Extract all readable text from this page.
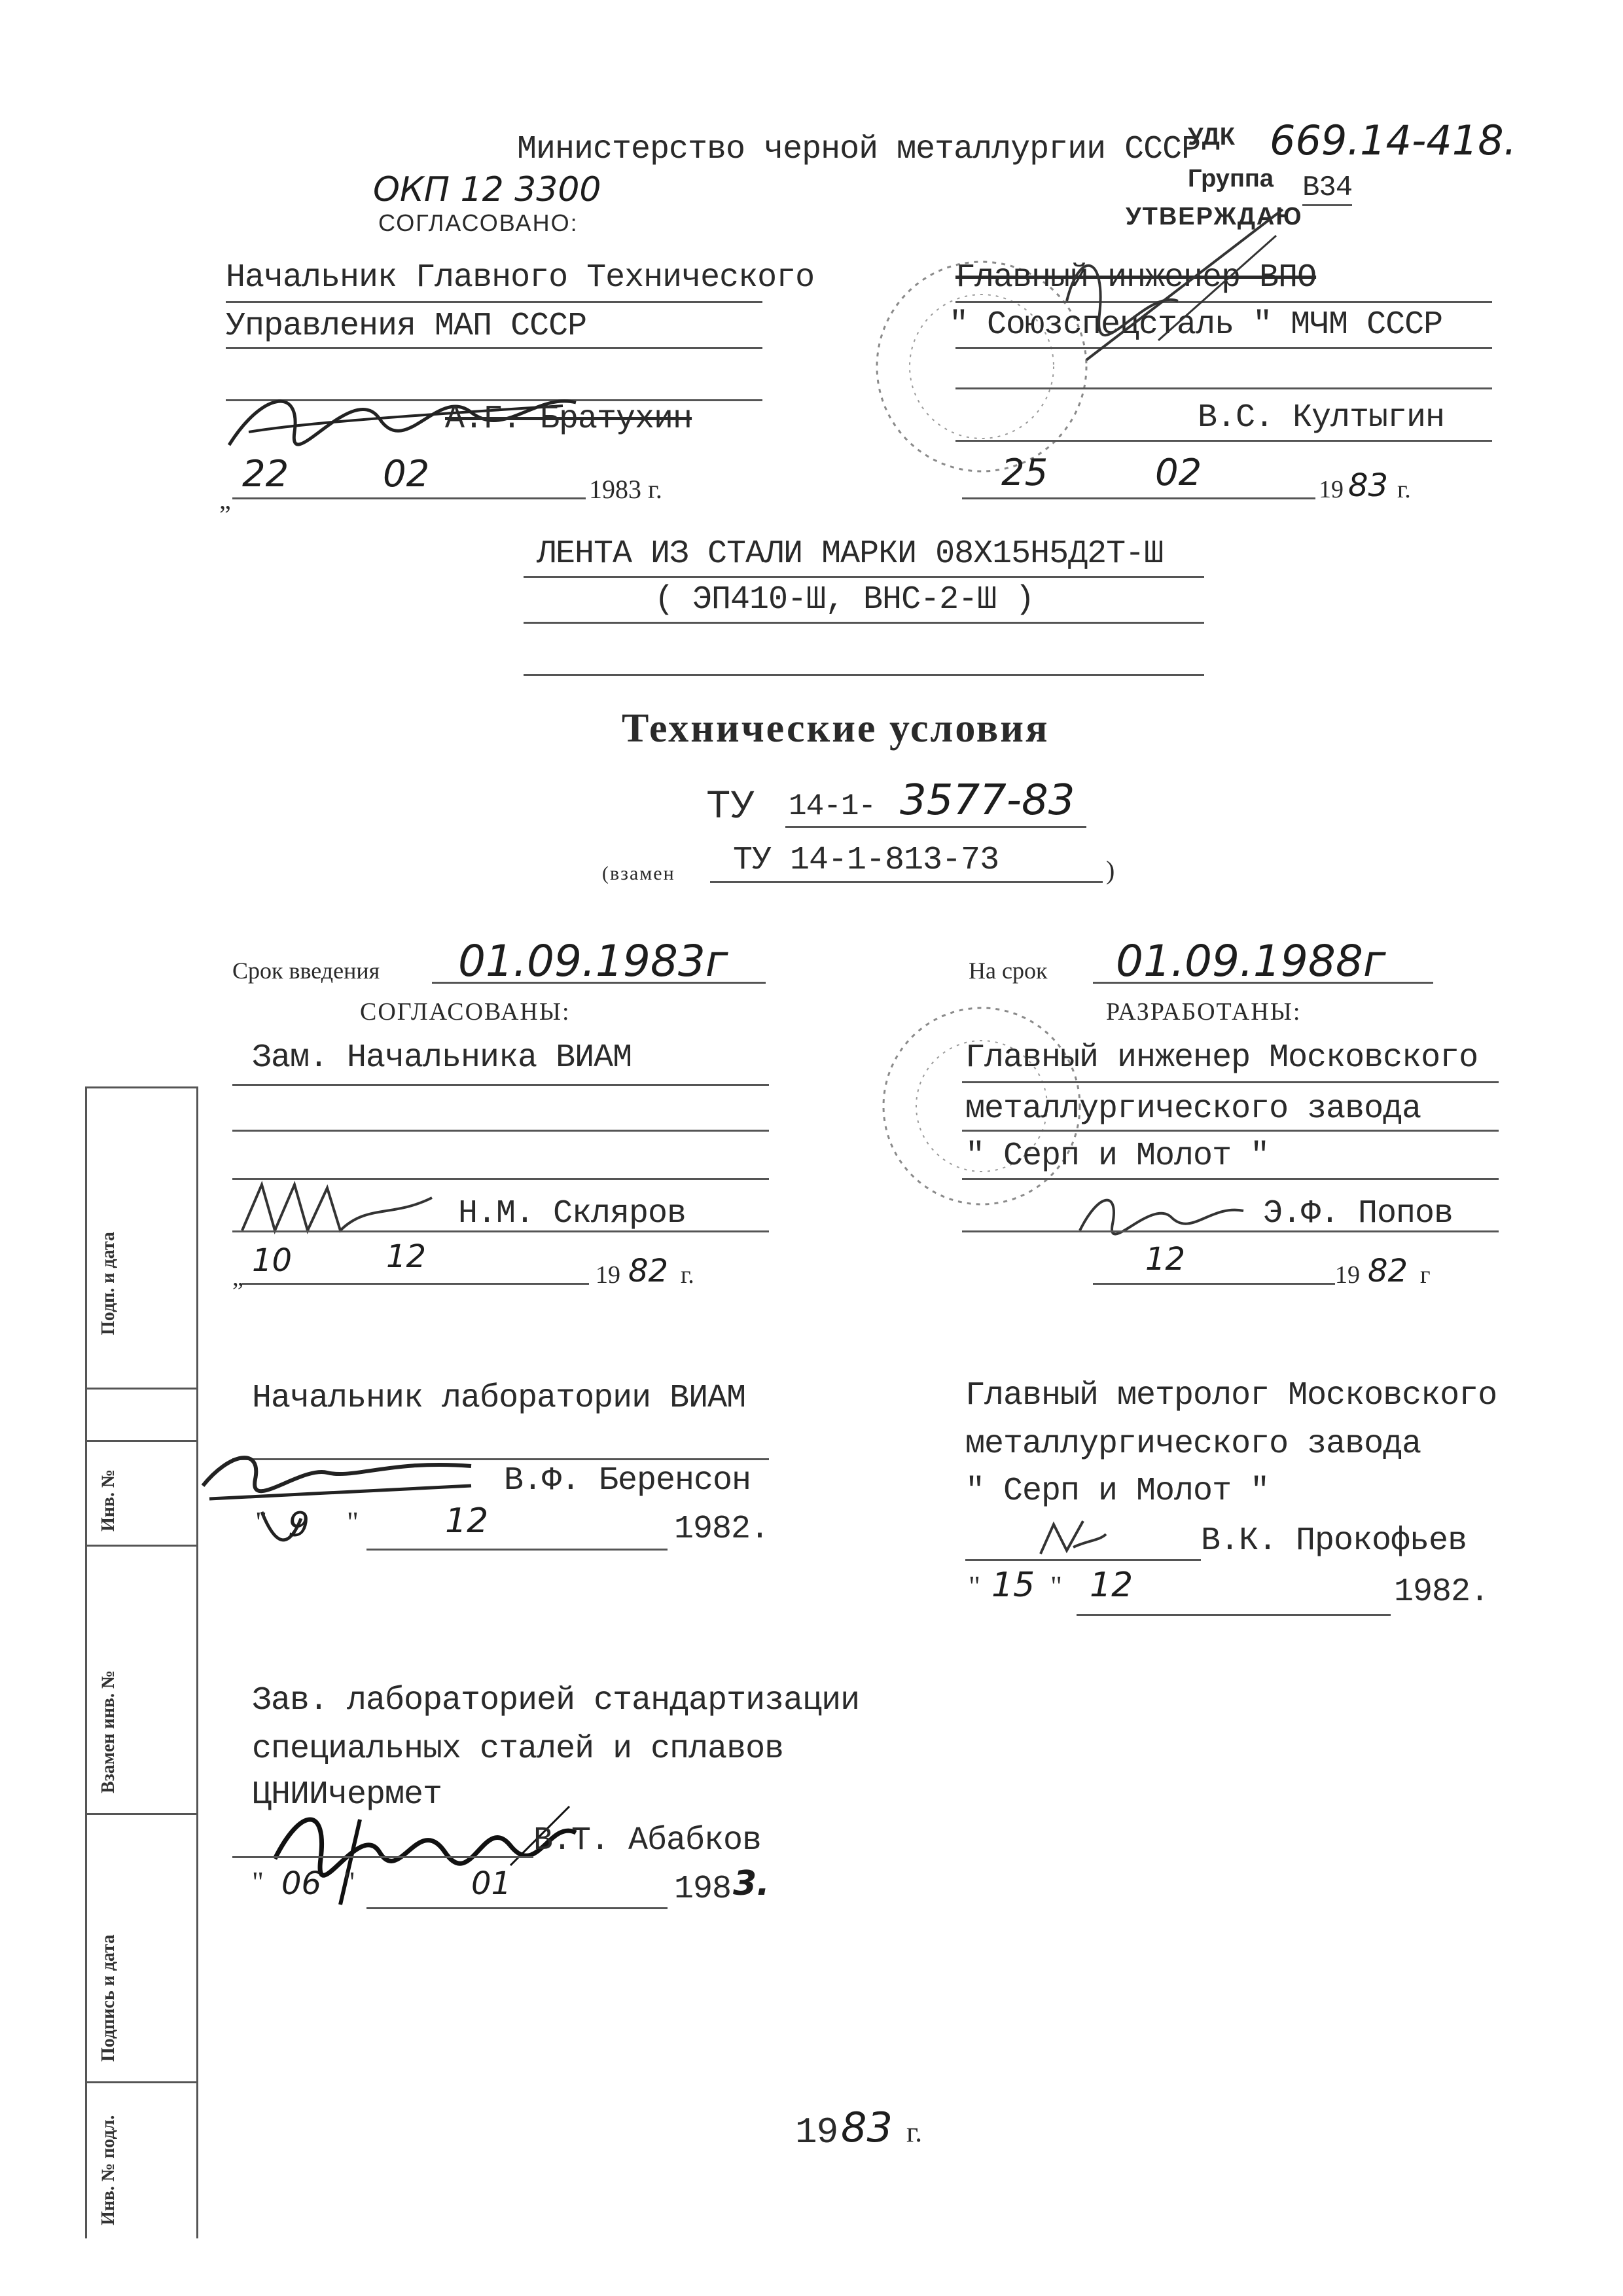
Министерство черной металлургии СССР
УДК 669.14-418.
ОКП 12 3300	Группа В34
СОГЛАСОВАНО:	УТВЕРЖДАЮ
Начальник Главного Технического
Управления МАП СССР
А.Г. Братухин
„
22	02	1983 г.
Главный инженер ВПО
" Союзспецсталь " МЧМ СССР
В.С. Култыгин
25	02	19 83 г.
ЛЕНТА ИЗ СТАЛИ МАРКИ 08Х15Н5Д2Т-Ш
( ЭП410-Ш, ВНС-2-Ш )
Технические условия
ТУ 14-1- 3577-83
(взамен ТУ 14-1-813-73	)
Срок введения 01.09.1983г	На срок 01.09.1988г
СОГЛАСОВАНЫ:
Зам. Начальника ВИАМ
Н.М. Скляров
„ 10	12	19 82 г.
РАЗРАБОТАНЫ:
Главный инженер Московского
металлургического завода
" Серп и Молот "
Э.Ф. Попов
12	19 82 г
Начальник лаборатории ВИАМ
В.Ф. Беренсон
" 9 "	12	1982.
Главный метролог Московского
металлургического завода
" Серп и Молот "
В.К. Прокофьев
" 15 " 12	1982.
Зав. лабораторией стандартизации
специальных сталей и сплавов
ЦНИИчермет
В.Т. Абабков
" 06 "	01	198 3.
Подп. и дата
Инв. №
Взамен инв. №
Подпись и дата
Инв. № подл.	19 83 г.
